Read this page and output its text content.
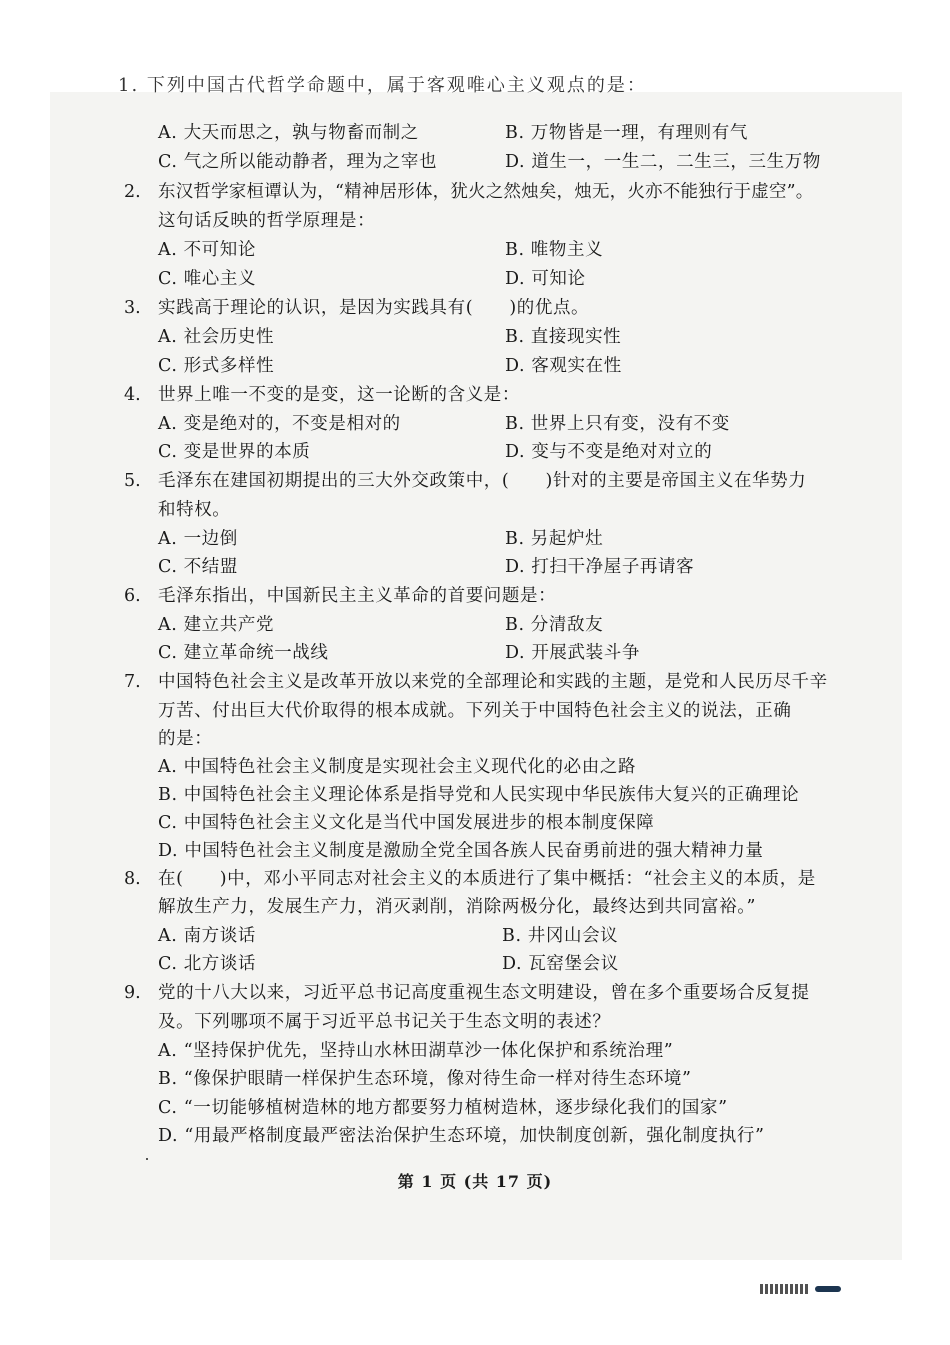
1. 下列中国古代哲学命题中，属于客观唯心主义观点的是：
A. 大天而思之，孰与物畜而制之	B. 万物皆是一理，有理则有气
C. 气之所以能动静者，理为之宰也	D. 道生一，一生二，二生三，三生万物
2. 东汉哲学家桓谭认为，“精神居形体，犹火之然烛矣，烛无，火亦不能独行于虚空”。
这句话反映的哲学原理是：
A. 不可知论	B. 唯物主义
C. 唯心主义	D. 可知论
3. 实践高于理论的认识，是因为实践具有(　　)的优点。
A. 社会历史性	B. 直接现实性
C. 形式多样性	D. 客观实在性
4. 世界上唯一不变的是变，这一论断的含义是：
A. 变是绝对的，不变是相对的	B. 世界上只有变，没有不变
C. 变是世界的本质	D. 变与不变是绝对对立的
5. 毛泽东在建国初期提出的三大外交政策中，(　　)针对的主要是帝国主义在华势力
和特权。
A. 一边倒	B. 另起炉灶
C. 不结盟	D. 打扫干净屋子再请客
6. 毛泽东指出，中国新民主主义革命的首要问题是：
A. 建立共产党	B. 分清敌友
C. 建立革命统一战线	D. 开展武装斗争
7. 中国特色社会主义是改革开放以来党的全部理论和实践的主题，是党和人民历尽千辛
万苦、付出巨大代价取得的根本成就。下列关于中国特色社会主义的说法，正确
的是：
A. 中国特色社会主义制度是实现社会主义现代化的必由之路
B. 中国特色社会主义理论体系是指导党和人民实现中华民族伟大复兴的正确理论
C. 中国特色社会主义文化是当代中国发展进步的根本制度保障
D. 中国特色社会主义制度是激励全党全国各族人民奋勇前进的强大精神力量
8. 在(　　)中，邓小平同志对社会主义的本质进行了集中概括：“社会主义的本质，是
解放生产力，发展生产力，消灭剥削，消除两极分化，最终达到共同富裕。”
A. 南方谈话	B. 井冈山会议
C. 北方谈话	D. 瓦窑堡会议
9. 党的十八大以来，习近平总书记高度重视生态文明建设，曾在多个重要场合反复提
及。下列哪项不属于习近平总书记关于生态文明的表述？
A. “坚持保护优先，坚持山水林田湖草沙一体化保护和系统治理”
B. “像保护眼睛一样保护生态环境，像对待生命一样对待生态环境”
C. “一切能够植树造林的地方都要努力植树造林，逐步绿化我们的国家”
D. “用最严格制度最严密法治保护生态环境，加快制度创新，强化制度执行”
第 1 页 (共 17 页)
